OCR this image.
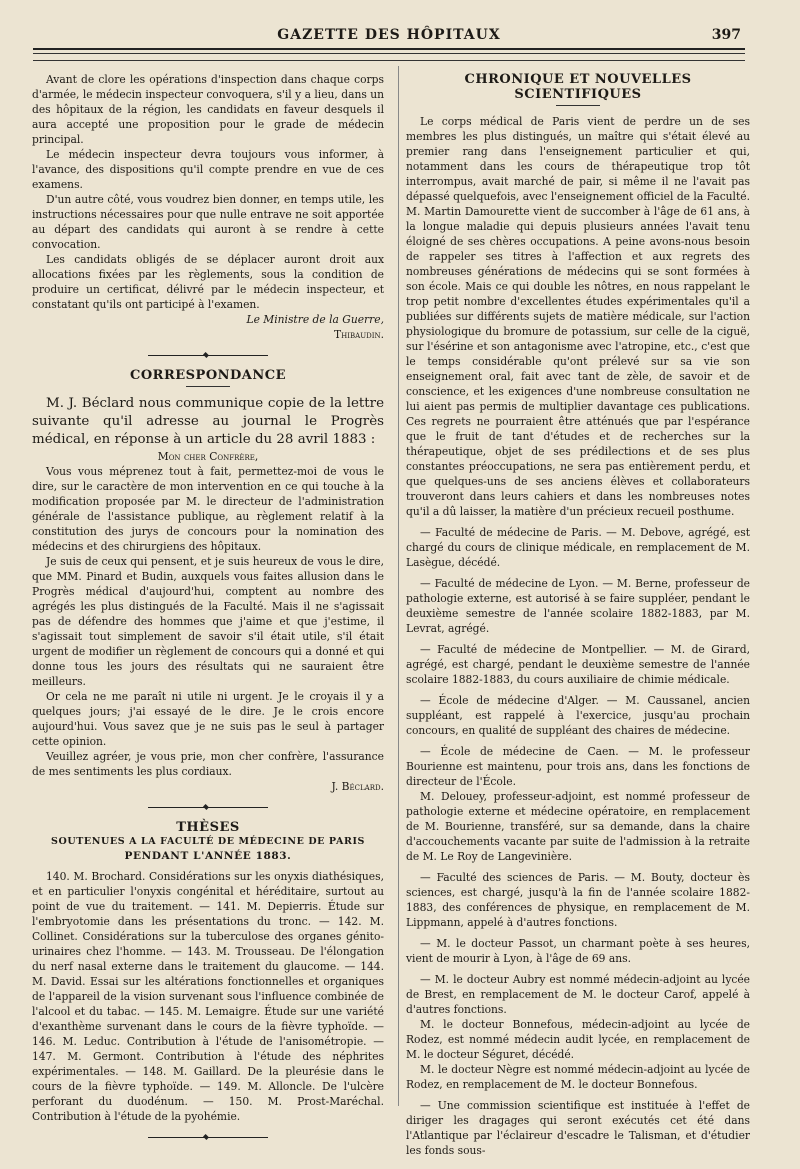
GAZETTE DES HÔPITAUX	397

Avant de clore les opérations d'inspection dans chaque corps d'armée, le médecin inspecteur convoquera, s'il y a lieu, dans un des hôpitaux de la région, les candidats en faveur desquels il aura accepté une proposition pour le grade de médecin principal.

Le médecin inspecteur devra toujours vous informer, à l'avance, des dispositions qu'il compte prendre en vue de ces examens.

D'un autre côté, vous voudrez bien donner, en temps utile, les instructions nécessaires pour que nulle entrave ne soit apportée au départ des candidats qui auront à se rendre à cette convocation.

Les candidats obligés de se déplacer auront droit aux allocations fixées par les règlements, sous la condition de produire un certificat, délivré par le médecin inspecteur, et constatant qu'ils ont participé à l'examen.

Le Ministre de la Guerre,

Thibaudin.

CORRESPONDANCE

M. J. Béclard nous communique copie de la lettre suivante qu'il adresse au journal le Progrès médical, en réponse à un article du 28 avril 1883 :

Mon cher Confrère,

Vous vous méprenez tout à fait, permettez-moi de vous le dire, sur le caractère de mon intervention en ce qui touche à la modification proposée par M. le directeur de l'administration générale de l'assistance publique, au règlement relatif à la constitution des jurys de concours pour la nomination des médecins et des chirurgiens des hôpitaux.

Je suis de ceux qui pensent, et je suis heureux de vous le dire, que MM. Pinard et Budin, auxquels vous faites allusion dans le Progrès médical d'aujourd'hui, comptent au nombre des agrégés les plus distingués de la Faculté. Mais il ne s'agissait pas de défendre des hommes que j'aime et que j'estime, il s'agissait tout simplement de savoir s'il était utile, s'il était urgent de modifier un règlement de concours qui a donné et qui donne tous les jours des résultats qui ne sauraient être meilleurs.

Or cela ne me paraît ni utile ni urgent. Je le croyais il y a quelques jours; j'ai essayé de le dire. Je le crois encore aujourd'hui. Vous savez que je ne suis pas le seul à partager cette opinion.

Veuillez agréer, je vous prie, mon cher confrère, l'assurance de mes sentiments les plus cordiaux.

J. Béclard.

THÈSES

SOUTENUES A LA FACULTÉ DE MÉDECINE DE PARIS

PENDANT L'ANNÉE 1883.

140. M. Brochard. Considérations sur les onyxis diathésiques, et en particulier l'onyxis congénital et héréditaire, surtout au point de vue du traitement. — 141. M. Depierris. Étude sur l'embryotomie dans les présentations du tronc. — 142. M. Collinet. Considérations sur la tuberculose des organes génito-urinaires chez l'homme. — 143. M. Trousseau. De l'élongation du nerf nasal externe dans le traitement du glaucome. — 144. M. David. Essai sur les altérations fonctionnelles et organiques de l'appareil de la vision survenant sous l'influence combinée de l'alcool et du tabac. — 145. M. Lemaigre. Étude sur une variété d'exanthème survenant dans le cours de la fièvre typhoïde. — 146. M. Leduc. Contribution à l'étude de l'anisométropie. — 147. M. Germont. Contribution à l'étude des néphrites expérimentales. — 148. M. Gaillard. De la pleurésie dans le cours de la fièvre typhoïde. — 149. M. Alloncle. De l'ulcère perforant du duodénum. — 150. M. Prost-Maréchal. Contribution à l'étude de la pyohémie.

CHRONIQUE ET NOUVELLES SCIENTIFIQUES

Le corps médical de Paris vient de perdre un de ses membres les plus distingués, un maître qui s'était élevé au premier rang dans l'enseignement particulier et qui, notamment dans les cours de thérapeutique trop tôt interrompus, avait marché de pair, si même il ne l'avait pas dépassé quelquefois, avec l'enseignement officiel de la Faculté. M. Martin Damourette vient de succomber à l'âge de 61 ans, à la longue maladie qui depuis plusieurs années l'avait tenu éloigné de ses chères occupations. A peine avons-nous besoin de rappeler ses titres à l'affection et aux regrets des nombreuses générations de médecins qui se sont formées à son école. Mais ce qui double les nôtres, en nous rappelant le trop petit nombre d'excellentes études expérimentales qu'il a publiées sur différents sujets de matière médicale, sur l'action physiologique du bromure de potassium, sur celle de la ciguë, sur l'ésérine et son antagonisme avec l'atropine, etc., c'est que le temps considérable qu'ont prélevé sur sa vie son enseignement oral, fait avec tant de zèle, de savoir et de conscience, et les exigences d'une nombreuse consultation ne lui aient pas permis de multiplier davantage ces publications. Ces regrets ne pourraient être atténués que par l'espérance que le fruit de tant d'études et de recherches sur la thérapeutique, objet de ses prédilections et de ses plus constantes préoccupations, ne sera pas entièrement perdu, et que quelques-uns de ses anciens élèves et collaborateurs trouveront dans leurs cahiers et dans les nombreuses notes qu'il a dû laisser, la matière d'un précieux recueil posthume.

— Faculté de médecine de Paris. — M. Debove, agrégé, est chargé du cours de clinique médicale, en remplacement de M. Lasègue, décédé.

— Faculté de médecine de Lyon. — M. Berne, professeur de pathologie externe, est autorisé à se faire suppléer, pendant le deuxième semestre de l'année scolaire 1882-1883, par M. Levrat, agrégé.

— Faculté de médecine de Montpellier. — M. de Girard, agrégé, est chargé, pendant le deuxième semestre de l'année scolaire 1882-1883, du cours auxiliaire de chimie médicale.

— École de médecine d'Alger. — M. Caussanel, ancien suppléant, est rappelé à l'exercice, jusqu'au prochain concours, en qualité de suppléant des chaires de médecine.

— École de médecine de Caen. — M. le professeur Bourienne est maintenu, pour trois ans, dans les fonctions de directeur de l'École.

M. Delouey, professeur-adjoint, est nommé professeur de pathologie externe et médecine opératoire, en remplacement de M. Bourienne, transféré, sur sa demande, dans la chaire d'accouchements vacante par suite de l'admission à la retraite de M. Le Roy de Langevinière.

— Faculté des sciences de Paris. — M. Bouty, docteur ès sciences, est chargé, jusqu'à la fin de l'année scolaire 1882-1883, des conférences de physique, en remplacement de M. Lippmann, appelé à d'autres fonctions.

— M. le docteur Passot, un charmant poète à ses heures, vient de mourir à Lyon, à l'âge de 69 ans.

— M. le docteur Aubry est nommé médecin-adjoint au lycée de Brest, en remplacement de M. le docteur Carof, appelé à d'autres fonctions.

M. le docteur Bonnefous, médecin-adjoint au lycée de Rodez, est nommé médecin audit lycée, en remplacement de M. le docteur Séguret, décédé.

M. le docteur Nègre est nommé médecin-adjoint au lycée de Rodez, en remplacement de M. le docteur Bonnefous.

— Une commission scientifique est instituée à l'effet de diriger les dragages qui seront exécutés cet été dans l'Atlantique par l'éclaireur d'escadre le Talisman, et d'étudier les fonds sous-
